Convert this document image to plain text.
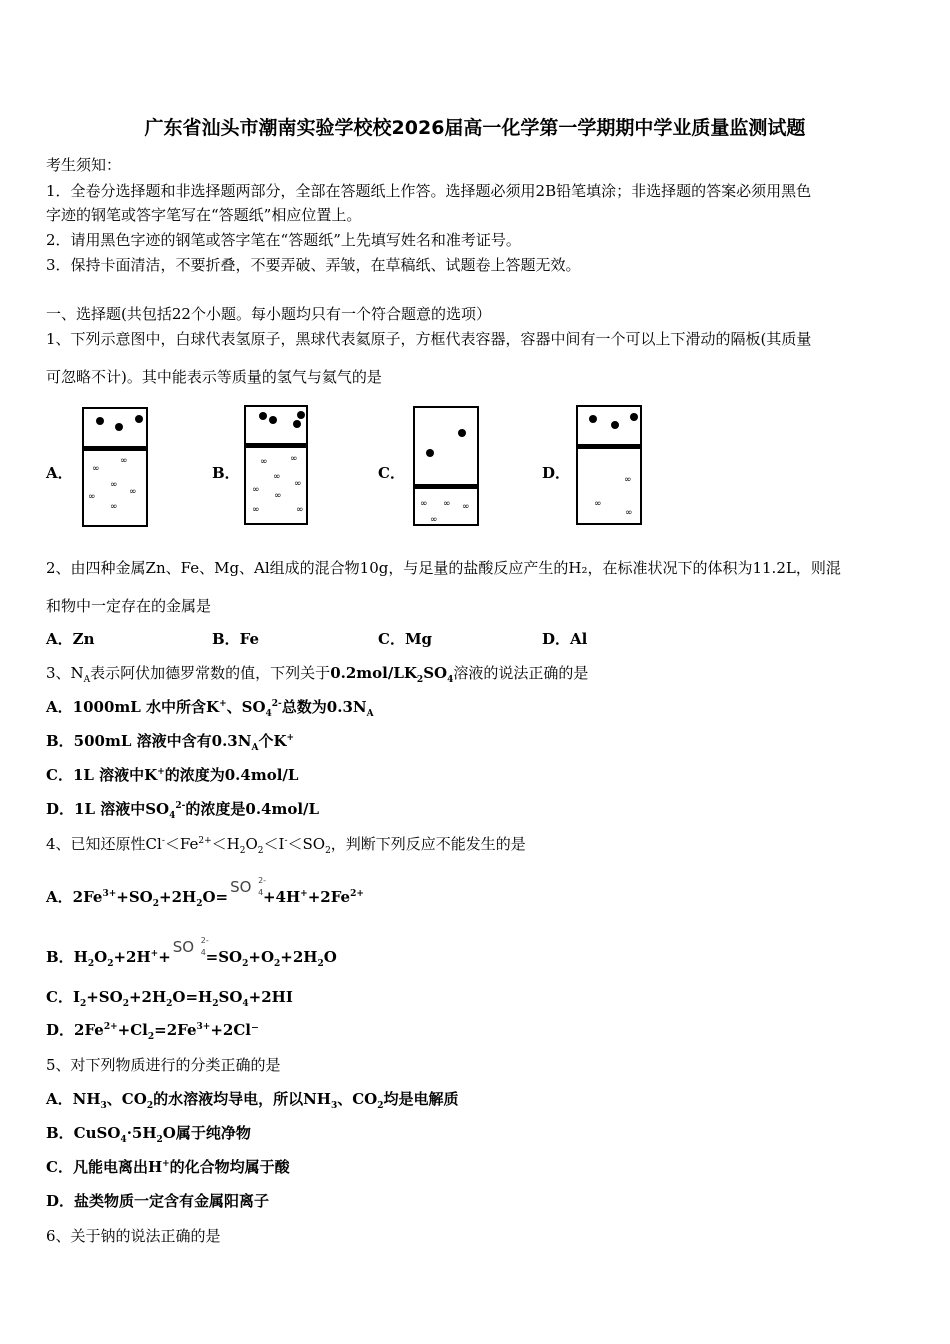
广东省汕头市潮南实验学校校2026届高一化学第一学期期中学业质量监测试题
考生须知：
1．全卷分选择题和非选择题两部分，全部在答题纸上作答。选择题必须用2B铅笔填涂；非选择题的答案必须用黑色
字迹的钢笔或答字笔写在“答题纸”相应位置上。
2．请用黑色字迹的钢笔或答字笔在“答题纸”上先填写姓名和准考证号。
3．保持卡面清洁，不要折叠，不要弄破、弄皱，在草稿纸、试题卷上答题无效。
一、选择题(共包括22个小题。每小题均只有一个符合题意的选项）
1、下列示意图中，白球代表氢原子，黑球代表氦原子，方框代表容器，容器中间有一个可以上下滑动的隔板(其质量
可忽略不计)。其中能表示等质量的氢气与氦气的是
A．	B．	C．	D．
∞
∞
∞
∞	∞
∞
∞	∞
∞
∞
∞
∞
∞	∞
∞ ∞ ∞
∞
∞
∞
∞
2、由四种金属Zn、Fe、Mg、Al组成的混合物10g，与足量的盐酸反应产生的H₂，在标准状况下的体积为11.2L，则混
和物中一定存在的金属是
A．Zn	B．Fe	C．Mg	D．Al
3、$N_A$表示阿伏加德罗常数的值，下列关于$0.2mol/LK_2SO_4$溶液的说法正确的是
A．1000mL 水中所含K+、$SO_4^{2-}$总数为$0.3N_A$
B．500mL 溶液中含有$0.3N_A$个K+
C．1L 溶液中K+的浓度为0.4mol/L
D．1L 溶液中$SO_4^{2-}$的浓度是0.4mol/L
4、已知还原性$Cl^-<Fe^{2+}<H_2O_2<I^-<SO_2$，判断下列反应不能发生的是
A．$2Fe^{3+}+SO_2+2H_2O=SO$ 2-
$4 +4H^++2Fe^{2+}$
B．$H_2O_2+2H^++SO$ 2-
$4 =SO_2+O_2+2H_2O$
C．$I_2+SO_2+2H_2O=H_2SO_4+2HI$
D．$2Fe^{2+}+Cl_2=2Fe^{3+}+2Cl^-$
5、对下列物质进行的分类正确的是
A．$NH_3$、$CO_2$的水溶液均导电，所以$NH_3$、$CO_2$均是电解质
B．$CuSO_4\cdot 5H_2O$属于纯净物
C．凡能电离出H+的化合物均属于酸
D．盐类物质一定含有金属阳离子
6、关于钠的说法正确的是
